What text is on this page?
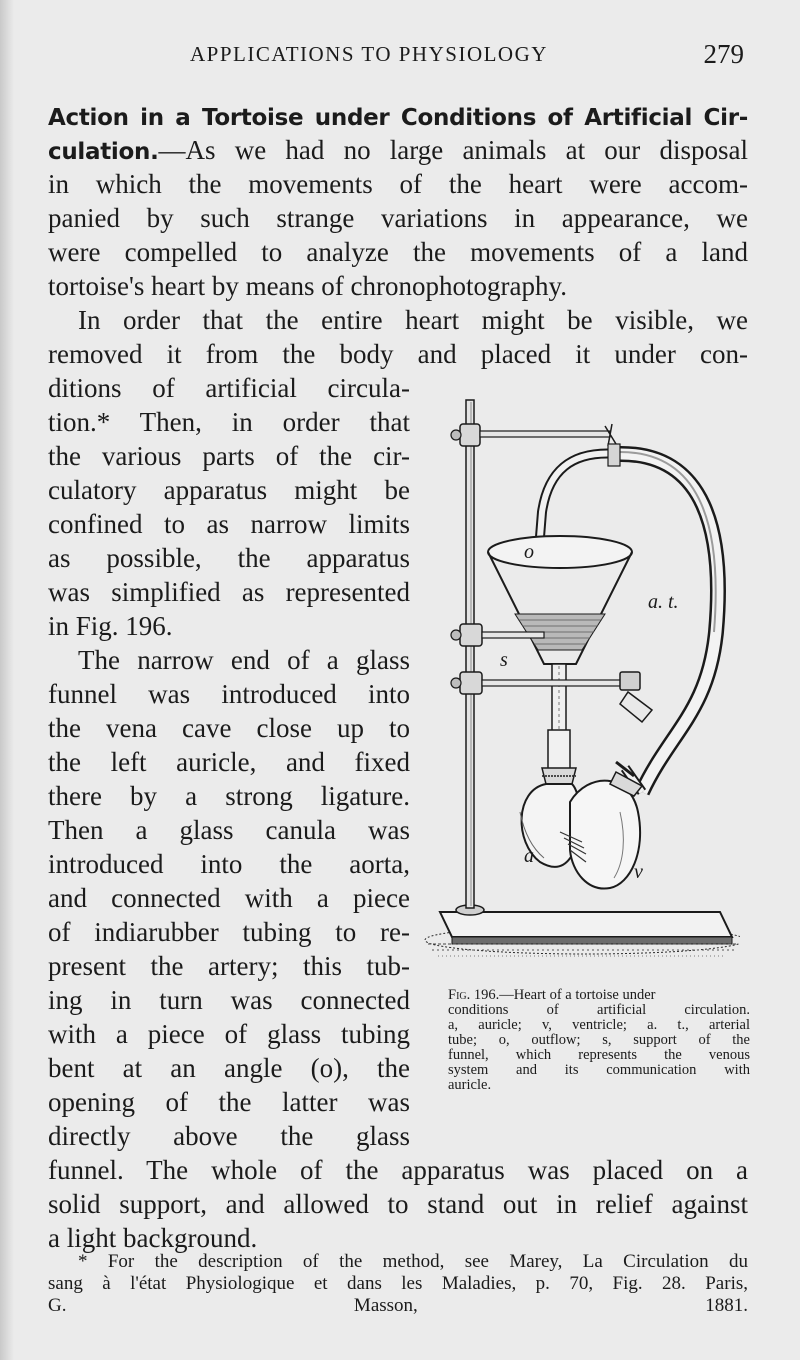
APPLICATIONS TO PHYSIOLOGY	279
Action in a Tortoise under Conditions of Artificial Cir-
culation.—As we had no large animals at our disposal
in which the movements of the heart were accom-
panied by such strange variations in appearance, we
were compelled to analyze the movements of a land
tortoise's heart by means of chronophotography.
In order that the entire heart might be visible, we
removed it from the body and placed it under con-
ditions of artificial circula-
tion.* Then, in order that
the various parts of the cir-
culatory apparatus might be
confined to as narrow limits
as possible, the apparatus
was simplified as represented
in Fig. 196.
The narrow end of a glass
funnel was introduced into
the vena cave close up to
the left auricle, and fixed
there by a strong ligature.
Then a glass canula was
introduced into the aorta,
and connected with a piece
of indiarubber tubing to re-
present the artery; this tub-
ing in turn was connected
with a piece of glass tubing
bent at an angle (o), the
opening of the latter was
directly above the glass
funnel. The whole of the apparatus was placed on a
solid support, and allowed to stand out in relief against
a light background.
o
a. t.
s
a
v
Fig. 196.—Heart of a tortoise under
conditions of artificial circulation.
a, auricle; v, ventricle; a. t., arterial
tube; o, outflow; s, support of the
funnel, which represents the venous
system and its communication with
auricle.
* For the description of the method, see Marey, La Circulation du
sang à l'état Physiologique et dans les Maladies, p. 70, Fig. 28. Paris,
G. Masson, 1881.
